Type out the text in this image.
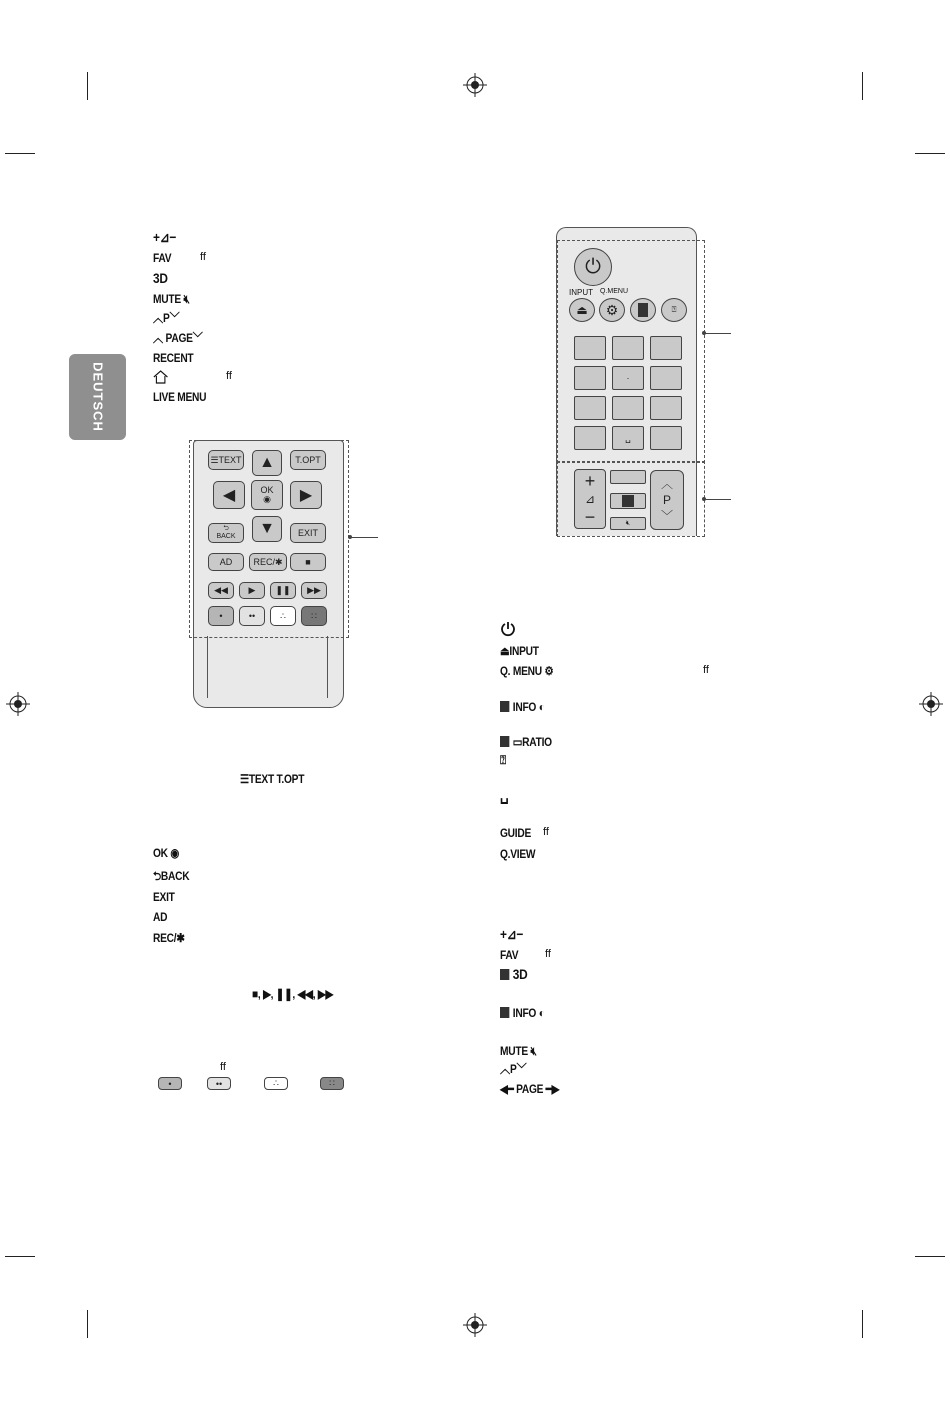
DEUTSCH
+⊿−
FAV	ff
3D
MUTE 🔇︎
︿P﹀
︿ PAGE﹀
RECENT
ff
LIVE MENU
☰ TEXT	▲	T.OPT
◀	OK
◉	▶
⮌
BACK	▼	EXIT
AD	REC/✱	■
◀◀	▶	❚❚	▶▶
•	••	∴	∷
☰TEXT T.OPT
OK ◉
⮌BACK
EXIT
AD
REC/✱
■, ▶, ❚❚, ◀◀, ▶▶
ff
•	••	∴	∷
⏻
INPUT Q.MENU
⏏	⚙	⍰
·
␣
+
⊿
−	🔇︎
︿
P
﹀
⏏INPUT
Q. MENU ⚙	ff
INFO ◐
▭RATIO
⍰
␣
GUIDE ff
Q.VIEW
+⊿−
FAV ff
3D
INFO ◐
MUTE 🔇︎
︿P﹀
◀━ PAGE ━▶
